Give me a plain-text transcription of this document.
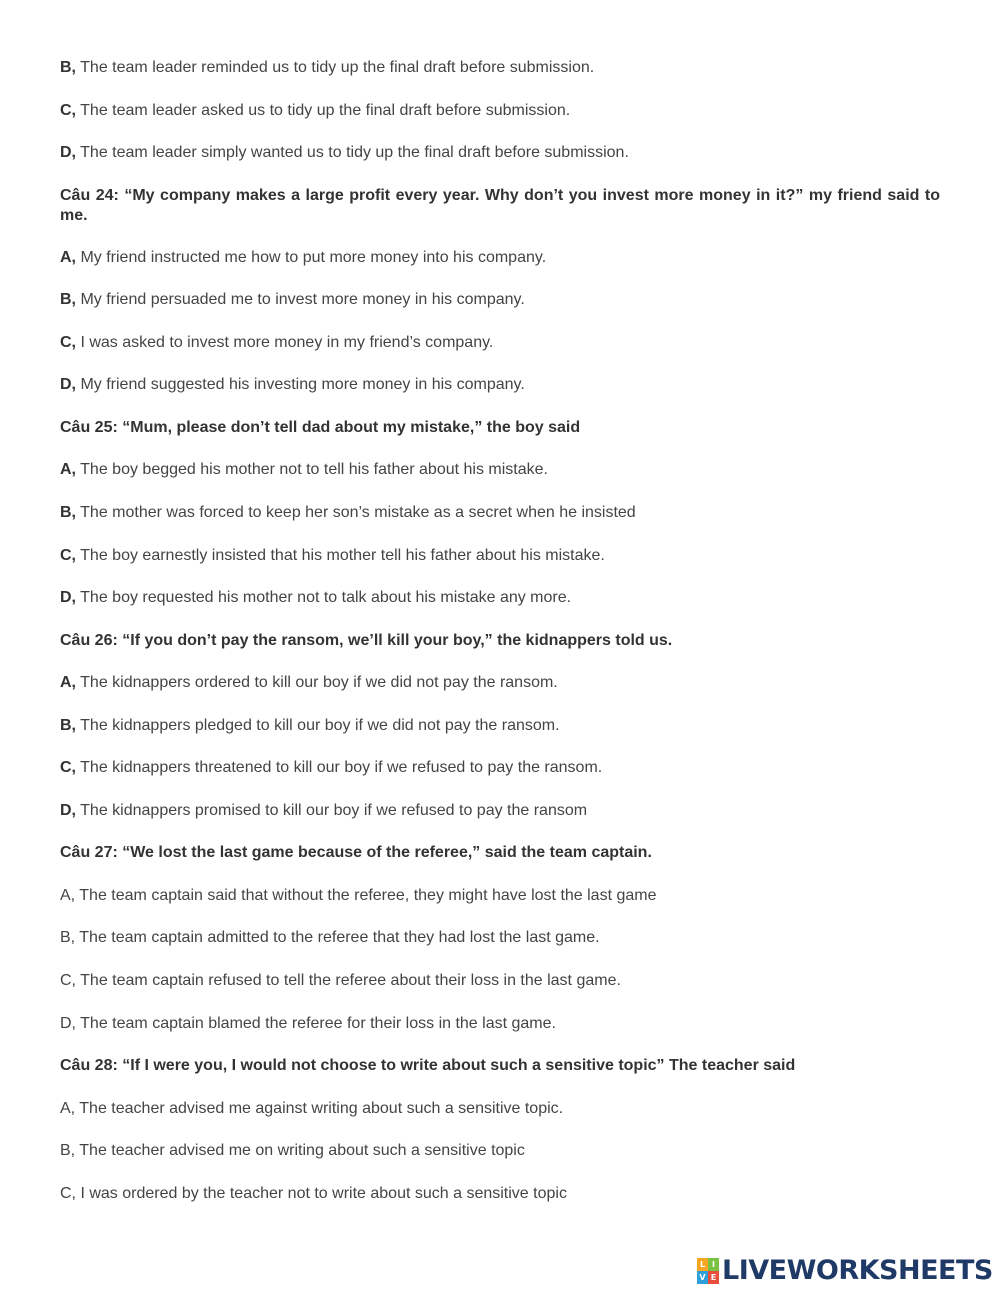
B, The team leader reminded us to tidy up the final draft before submission.
C, The team leader asked us to tidy up the final draft before submission.
D, The team leader simply wanted us to tidy up the final draft before submission.
Câu 24: “My company makes a large profit every year. Why don’t you invest more money in it?” my friend said to me.
A, My friend instructed me how to put more money into his company.
B, My friend persuaded me to invest more money in his company.
C, I was asked to invest more money in my friend’s company.
D, My friend suggested his investing more money in his company.
Câu 25: “Mum, please don’t tell dad about my mistake,” the boy said
A, The boy begged his mother not to tell his father about his mistake.
B, The mother was forced to keep her son’s mistake as a secret when he insisted
C, The boy earnestly insisted that his mother tell his father about his mistake.
D, The boy requested his mother not to talk about his mistake any more.
Câu 26: “If you don’t pay the ransom, we’ll kill your boy,” the kidnappers told us.
A, The kidnappers ordered to kill our boy if we did not pay the ransom.
B, The kidnappers pledged to kill our boy if we did not pay the ransom.
C, The kidnappers threatened to kill our boy if we refused to pay the ransom.
D, The kidnappers promised to kill our boy if we refused to pay the ransom
Câu 27: “We lost the last game because of the referee,” said the team captain.
A, The team captain said that without the referee, they might have lost the last game
B, The team captain admitted to the referee that they had lost the last game.
C, The team captain refused to tell the referee about their loss in the last game.
D, The team captain blamed the referee for their loss in the last game.
Câu 28: “If I were you, I would not choose to write about such a sensitive topic” The teacher said
A, The teacher advised me against writing about such a sensitive topic.
B, The teacher advised me on writing about such a sensitive topic
C, I was ordered by the teacher not to write about such a sensitive topic
L I
V E LIVEWORKSHEETS
